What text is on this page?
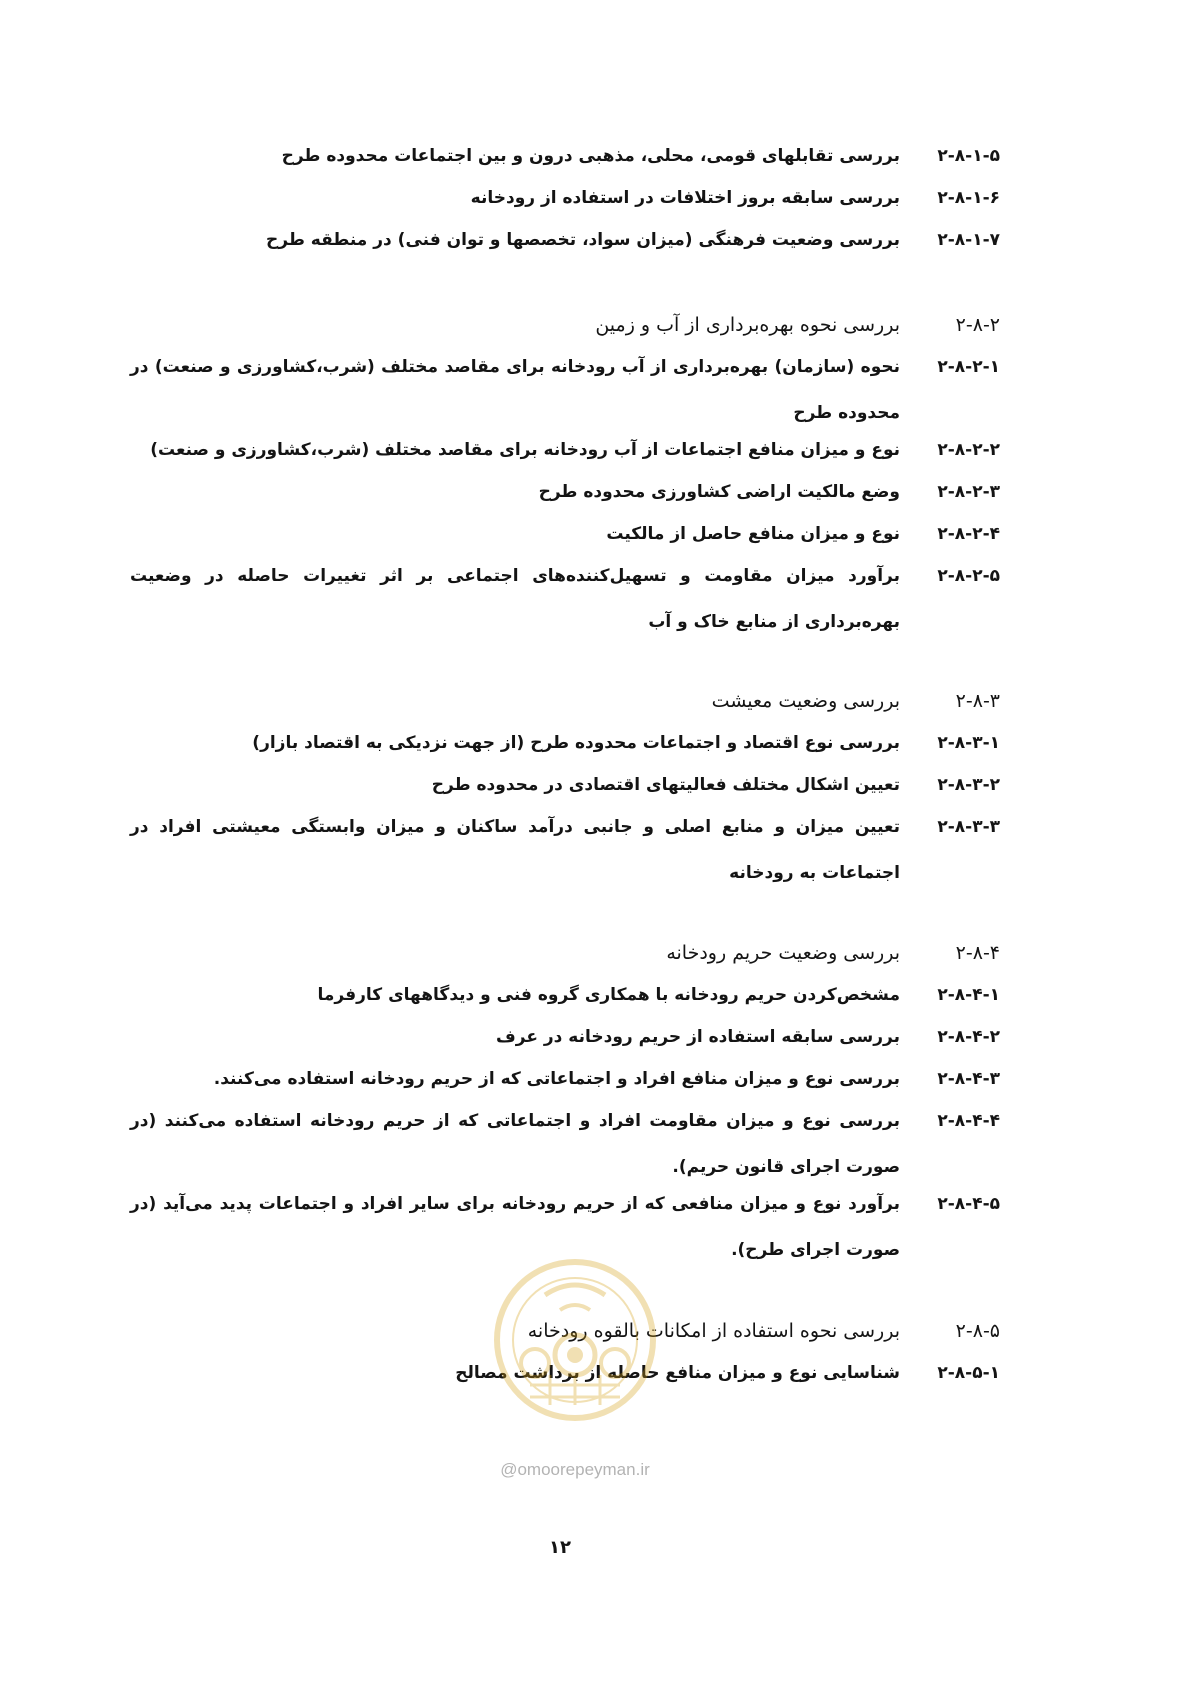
۲-۸-۱-۵
بررسی تقابلهای قومی، محلی، مذهبی درون و بین اجتماعات محدوده طرح
۲-۸-۱-۶
بررسی سابقه بروز اختلافات در استفاده از رودخانه
۲-۸-۱-۷
بررسی وضعیت فرهنگی (میزان سواد، تخصصها و توان فنی) در منطقه طرح
۲-۸-۲
بررسی نحوه بهره‌برداری از آب و زمین
۲-۸-۲-۱
نحوه (سازمان) بهره‌برداری از آب رودخانه برای مقاصد مختلف (شرب،کشاورزی و صنعت) در محدوده طرح
۲-۸-۲-۲
نوع و میزان منافع اجتماعات از آب رودخانه برای مقاصد مختلف (شرب،کشاورزی و صنعت)
۲-۸-۲-۳
وضع مالکیت اراضی کشاورزی محدوده طرح
۲-۸-۲-۴
نوع و میزان منافع حاصل از مالکیت
۲-۸-۲-۵
برآورد میزان مقاومت و تسهیل‌کننده‌های اجتماعی بر اثر تغییرات حاصله در وضعیت بهره‌برداری از منابع خاک و آب
۲-۸-۳
بررسی وضعیت معیشت
۲-۸-۳-۱
بررسی نوع اقتصاد و اجتماعات محدوده طرح (از جهت نزدیکی به اقتصاد بازار)
۲-۸-۳-۲
تعیین اشکال مختلف فعالیتهای اقتصادی در محدوده طرح
۲-۸-۳-۳
تعیین میزان و منابع اصلی و جانبی درآمد ساکنان و میزان وابستگی معیشتی افراد در اجتماعات به رودخانه
۲-۸-۴
بررسی وضعیت حریم رودخانه
۲-۸-۴-۱
مشخص‌کردن حریم رودخانه با همکاری گروه فنی و دیدگاههای کارفرما
۲-۸-۴-۲
بررسی سابقه استفاده از حریم رودخانه در عرف
۲-۸-۴-۳
بررسی نوع و میزان منافع افراد و اجتماعاتی که از حریم رودخانه استفاده می‌کنند.
۲-۸-۴-۴
بررسی نوع و میزان مقاومت افراد و اجتماعاتی که از حریم رودخانه استفاده می‌کنند (در صورت اجرای قانون حریم).
۲-۸-۴-۵
برآورد نوع و میزان منافعی که از حریم رودخانه برای سایر افراد و اجتماعات پدید می‌آید (در صورت اجرای طرح).
۲-۸-۵
بررسی نحوه استفاده از امکانات بالقوه رودخانه
۲-۸-۵-۱
شناسایی نوع و میزان منافع حاصله از برداشت مصالح
@omoorepeyman.ir
۱۲
